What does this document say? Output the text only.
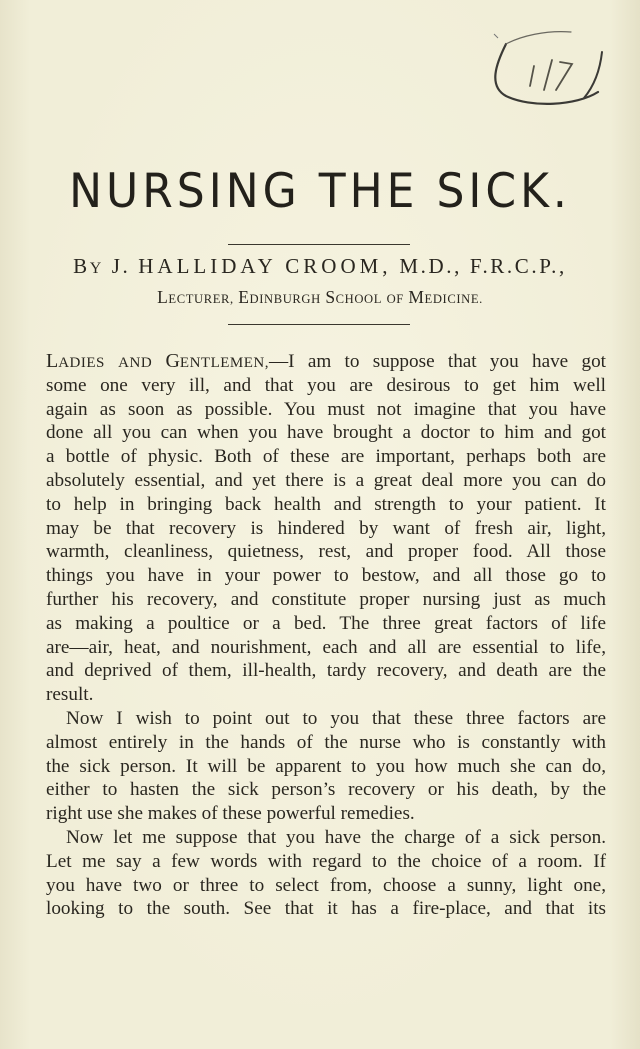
NURSING THE SICK.
BY J. HALLIDAY CROOM, M.D., F.R.C.P.,
LECTURER, EDINBURGH SCHOOL OF MEDICINE.
LADIES AND GENTLEMEN,—I am to suppose that you have got
some one very ill, and that you are desirous to get him well
again as soon as possible. You must not imagine that you have
done all you can when you have brought a doctor to him and got
a bottle of physic. Both of these are important, perhaps both are
absolutely essential, and yet there is a great deal more you can do
to help in bringing back health and strength to your patient. It
may be that recovery is hindered by want of fresh air, light,
warmth, cleanliness, quietness, rest, and proper food. All those
things you have in your power to bestow, and all those go to
further his recovery, and constitute proper nursing just as much
as making a poultice or a bed. The three great factors of life
are—air, heat, and nourishment, each and all are essential to life,
and deprived of them, ill-health, tardy recovery, and death are the
result.
Now I wish to point out to you that these three factors are
almost entirely in the hands of the nurse who is constantly with
the sick person. It will be apparent to you how much she can do,
either to hasten the sick person’s recovery or his death, by the
right use she makes of these powerful remedies.
Now let me suppose that you have the charge of a sick person.
Let me say a few words with regard to the choice of a room. If
you have two or three to select from, choose a sunny, light one,
looking to the south. See that it has a fire-place, and that its
